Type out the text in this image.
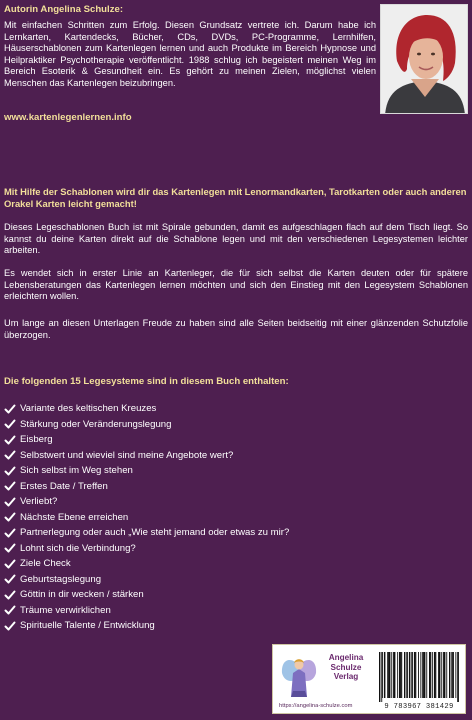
Autorin Angelina Schulze:
Mit einfachen Schritten zum Erfolg. Diesen Grundsatz vertrete ich. Darum habe ich Lernkarten, Kartendecks, Bücher, CDs, DVDs, PC-Programme, Lernhilfen, Häuserschablonen zum Kartenlegen lernen und auch Produkte im Bereich Hypnose und Heilpraktiker Psychotherapie veröffentlicht. 1988 schlug ich begeistert meinen Weg im Bereich Esoterik & Gesundheit ein. Es gehört zu meinen Zielen, möglichst vielen Menschen das Kartenlegen beizubringen.
www.kartenlegenlernen.info
Mit Hilfe der Schablonen wird dir das Kartenlegen mit Lenormandkarten, Tarotkarten oder auch anderen Orakel Karten leicht gemacht!
Dieses Legeschablonen Buch ist mit Spirale gebunden, damit es aufgeschlagen flach auf dem Tisch liegt. So kannst du deine Karten direkt auf die Schablone legen und mit den verschiedenen Legesystemen leichter arbeiten.
Es wendet sich in erster Linie an Kartenleger, die für sich selbst die Karten deuten oder für spätere Lebensberatungen das Kartenlegen lernen möchten und sich den Einstieg mit den Legesystem Schablonen erleichtern wollen.
Um lange an diesen Unterlagen Freude zu haben sind alle Seiten beidseitig mit einer glänzenden Schutzfolie überzogen.
Die folgenden 15 Legesysteme sind in diesem Buch enthalten:
Variante des keltischen Kreuzes
Stärkung oder Veränderungslegung
Eisberg
Selbstwert und wieviel sind meine Angebote wert?
Sich selbst im Weg stehen
Erstes Date / Treffen
Verliebt?
Nächste Ebene erreichen
Partnerlegung oder auch „Wie steht jemand oder etwas zu mir?
Lohnt sich die Verbindung?
Ziele Check
Geburtstagslegung
Göttin in dir wecken / stärken
Träume verwirklichen
Spirituelle Talente / Entwicklung
Angelina
Schulze
Verlag
https://angelina-schulze.com	9 783967 381429
